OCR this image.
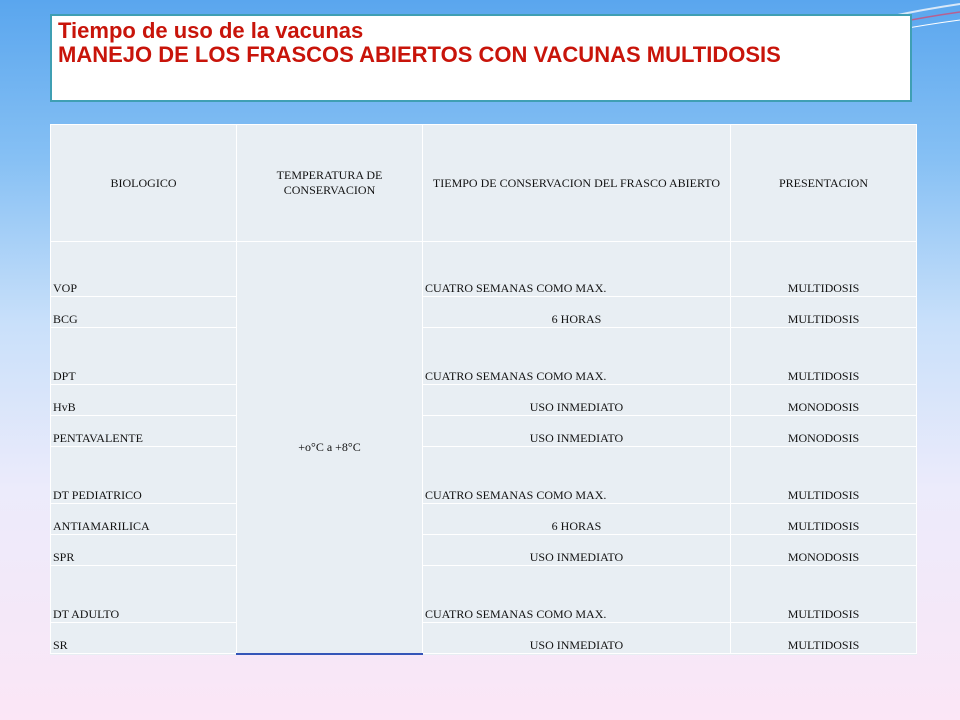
Tiempo de uso de la vacunas
MANEJO DE LOS FRASCOS ABIERTOS CON VACUNAS MULTIDOSIS
BIOLOGICO	TEMPERATURA DE CONSERVACION	TIEMPO DE CONSERVACION DEL FRASCO ABIERTO	PRESENTACION
VOP	+o°C a +8°C	CUATRO SEMANAS COMO MAX.	MULTIDOSIS
BCG		6 HORAS	MULTIDOSIS
DPT		CUATRO SEMANAS COMO MAX.	MULTIDOSIS
HvB		USO INMEDIATO	MONODOSIS
PENTAVALENTE		USO INMEDIATO	MONODOSIS
DT PEDIATRICO		CUATRO SEMANAS COMO MAX.	MULTIDOSIS
ANTIAMARILICA		6 HORAS	MULTIDOSIS
SPR		USO INMEDIATO	MONODOSIS
DT ADULTO		CUATRO SEMANAS COMO MAX.	MULTIDOSIS
SR		USO INMEDIATO	MULTIDOSIS
